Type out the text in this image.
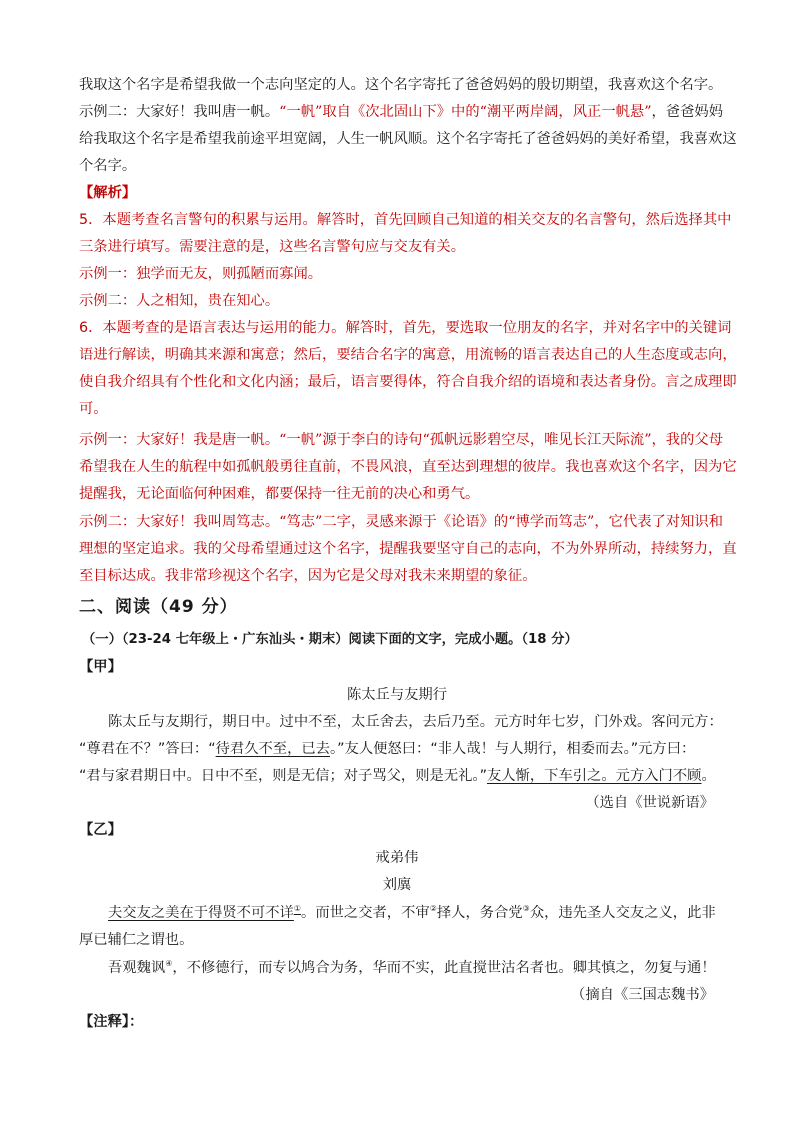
我取这个名字是希望我做一个志向坚定的人。这个名字寄托了爸爸妈妈的殷切期望，我喜欢这个名字。
示例二：大家好！我叫唐一帆。“一帆”取自《次北固山下》中的“潮平两岸阔，风正一帆悬”，爸爸妈妈
给我取这个名字是希望我前途平坦宽阔，人生一帆风顺。这个名字寄托了爸爸妈妈的美好希望，我喜欢这
个名字。
【解析】
5．本题考查名言警句的积累与运用。解答时，首先回顾自己知道的相关交友的名言警句，然后选择其中
三条进行填写。需要注意的是，这些名言警句应与交友有关。
示例一：独学而无友，则孤陋而寡闻。
示例二：人之相知，贵在知心。
6．本题考查的是语言表达与运用的能力。解答时，首先，要选取一位朋友的名字，并对名字中的关键词
语进行解读，明确其来源和寓意；然后，要结合名字的寓意，用流畅的语言表达自己的人生态度或志向，
使自我介绍具有个性化和文化内涵；最后，语言要得体，符合自我介绍的语境和表达者身份。言之成理即
可。
示例一：大家好！我是唐一帆。“一帆”源于李白的诗句“孤帆远影碧空尽，唯见长江天际流”，我的父母
希望我在人生的航程中如孤帆般勇往直前，不畏风浪，直至达到理想的彼岸。我也喜欢这个名字，因为它
提醒我，无论面临何种困难，都要保持一往无前的决心和勇气。
示例二：大家好！我叫周笃志。“笃志”二字，灵感来源于《论语》的“博学而笃志”，它代表了对知识和
理想的坚定追求。我的父母希望通过这个名字，提醒我要坚守自己的志向，不为外界所动，持续努力，直
至目标达成。我非常珍视这个名字，因为它是父母对我未来期望的象征。
二、阅读（49 分）
（一）（23-24 七年级上・广东汕头・期末）阅读下面的文字，完成小题。（18 分）
【甲】
陈太丘与友期行
陈太丘与友期行，期日中。过中不至，太丘舍去，去后乃至。元方时年七岁，门外戏。客问元方：
“尊君在不？”答曰：“待君久不至，已去。”友人便怒曰：“非人哉！与人期行，相委而去。”元方曰：
“君与家君期日中。日中不至，则是无信；对子骂父，则是无礼。”友人惭，下车引之。元方入门不顾。
（选自《世说新语》
【乙】
戒弟伟
刘廙
夫交友之美在于得贤不可不详①。而世之交者，不审②择人，务合党③众，违先圣人交友之义，此非
厚已辅仁之谓也。
吾观魏讽④，不修德行，而专以鸠合为务，华而不实，此直搅世沽名者也。卿其慎之，勿复与通！
（摘自《三国志魏书》
【注释】：
